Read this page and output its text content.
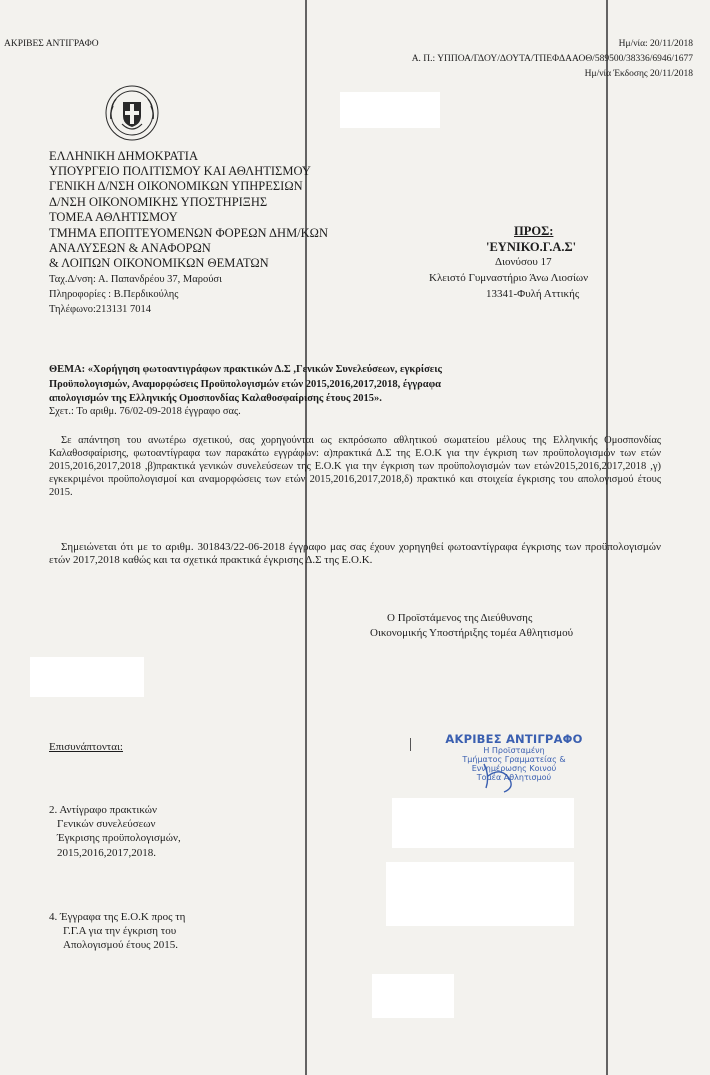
ΑΚΡΙΒΕΣ ΑΝΤΙΓΡΑΦΟ	Ημ/νία: 20/11/2018
Α. Π.: ΥΠΠΟΑ/ΓΔΟΥ/ΔΟΥΤΑ/ΤΠΕΦΔΑΑΟΘ/589500/38336/6946/1677
Ημ/νία Έκδοσης 20/11/2018
ΕΛΛΗΝΙΚΗ ΔΗΜΟΚΡΑΤΙΑ
ΥΠΟΥΡΓΕΙΟ ΠΟΛΙΤΙΣΜΟΥ ΚΑΙ ΑΘΛΗΤΙΣΜΟΥ
ΓΕΝΙΚΗ Δ/ΝΣΗ ΟΙΚΟΝΟΜΙΚΩΝ ΥΠΗΡΕΣΙΩΝ
Δ/ΝΣΗ ΟΙΚΟΝΟΜΙΚΗΣ ΥΠΟΣΤΗΡΙΞΗΣ
ΤΟΜΕΑ ΑΘΛΗΤΙΣΜΟΥ
ΤΜΗΜΑ ΕΠΟΠΤΕΥΟΜΕΝΩΝ ΦΟΡΕΩΝ ΔΗΜ/ΚΩΝ
ΑΝΑΛΥΣΕΩΝ & ΑΝΑΦΟΡΩΝ
& ΛΟΙΠΩΝ ΟΙΚΟΝΟΜΙΚΩΝ ΘΕΜΑΤΩΝ
Ταχ.Δ/νση: Α. Παπανδρέου 37, Μαρούσι
Πληροφορίες : Β.Περδικούλης
Τηλέφωνο:213131 7014
ΠΡΟΣ:
'ΕΥΝΙΚΟ.Γ.Α.Σ'
Διονύσου 17
Κλειστό Γυμναστήριο Άνω Λιοσίων
13341-Φυλή Αττικής
ΘΕΜΑ: «Χορήγηση φωτοαντιγράφων πρακτικών Δ.Σ ,Γενικών Συνελεύσεων, εγκρίσεις
Προϋπολογισμών, Αναμορφώσεις Προϋπολογισμών ετών 2015,2016,2017,2018, έγγραφα
απολογισμών της Ελληνικής Ομοσπονδίας Καλαθοσφαίρισης έτους 2015».
Σχετ.: Το αριθμ. 76/02-09-2018 έγγραφο σας.
Σε απάντηση του ανωτέρω σχετικού, σας χορηγούνται ως εκπρόσωπο αθλητικού σωματείου μέλους της Ελληνικής Ομοσπονδίας Καλαθοσφαίρισης, φωτοαντίγραφα των παρακάτω εγγράφων: α)πρακτικά Δ.Σ της Ε.Ο.Κ για την έγκριση των προϋπολογισμών των ετών 2015,2016,2017,2018 ,β)πρακτικά γενικών συνελεύσεων της Ε.Ο.Κ για την έγκριση των προϋπολογισμών των ετών2015,2016,2017,2018 ,γ) εγκεκριμένοι προϋπολογισμοί και αναμορφώσεις των ετών 2015,2016,2017,2018,δ) πρακτικό και στοιχεία έγκρισης του απολογισμού έτους 2015.
Σημειώνεται ότι με το αριθμ. 301843/22-06-2018 έγγραφο μας σας έχουν χορηγηθεί φωτοαντίγραφα έγκρισης των προϋπολογισμών ετών 2017,2018 καθώς και τα σχετικά πρακτικά έγκρισης Δ.Σ της Ε.Ο.Κ.
Ο Προϊστάμενος της Διεύθυνσης
Οικονομικής Υποστήριξης τομέα Αθλητισμού
Επισυνάπτονται:
2. Αντίγραφο πρακτικών
Γενικών συνελεύσεων
Έγκρισης προϋπολογισμών,
2015,2016,2017,2018.
4. Έγγραφα της Ε.Ο.Κ προς τη
Γ.Γ.Α για την έγκριση του
Απολογισμού έτους 2015.
ΑΚΡΙΒΕΣ ΑΝΤΙΓΡΑΦΟ
Η Προϊσταμένη
Τμήματος Γραμματείας &
Εννημέρωσης Κοινού
Τομέα Αθλητισμού
